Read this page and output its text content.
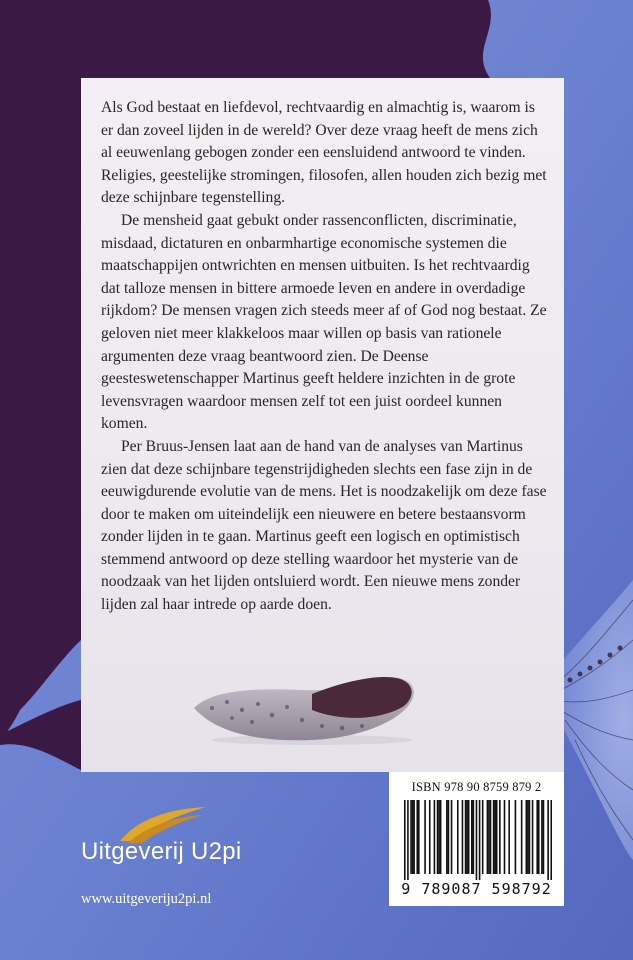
Als God bestaat en liefdevol, rechtvaardig en almachtig is, waarom is er dan zoveel lijden in de wereld? Over deze vraag heeft de mens zich al eeuwenlang gebogen zonder een eensluidend antwoord te vinden. Religies, geestelijke stromingen, filosofen, allen houden zich bezig met deze schijnbare tegenstelling.

De mensheid gaat gebukt onder rassenconflicten, discriminatie, misdaad, dictaturen en onbarmhartige economische systemen die maatschappijen ontwrichten en mensen uitbuiten. Is het rechtvaardig dat talloze mensen in bittere armoede leven en andere in overdadige rijkdom? De mensen vragen zich steeds meer af of God nog bestaat. Ze geloven niet meer klakkeloos maar willen op basis van rationele argumenten deze vraag beantwoord zien. De Deense geesteswetenschapper Martinus geeft heldere inzichten in de grote levensvragen waardoor mensen zelf tot een juist oordeel kunnen komen.

Per Bruus-Jensen laat aan de hand van de analyses van Martinus zien dat deze schijnbare tegenstrijdigheden slechts een fase zijn in de eeuwigdurende evolutie van de mens. Het is noodzakelijk om deze fase door te maken om uiteindelijk een nieuwere en betere bestaansvorm zonder lijden in te gaan. Martinus geeft een logisch en optimistisch stemmend antwoord op deze stelling waardoor het mysterie van de noodzaak van het lijden ontsluierd wordt. Een nieuwe mens zonder lijden zal haar intrede op aarde doen.

ISBN 978 90 8759 879 2
9 789087 598792
Uitgeverij U2pi
www.uitgeveriju2pi.nl
